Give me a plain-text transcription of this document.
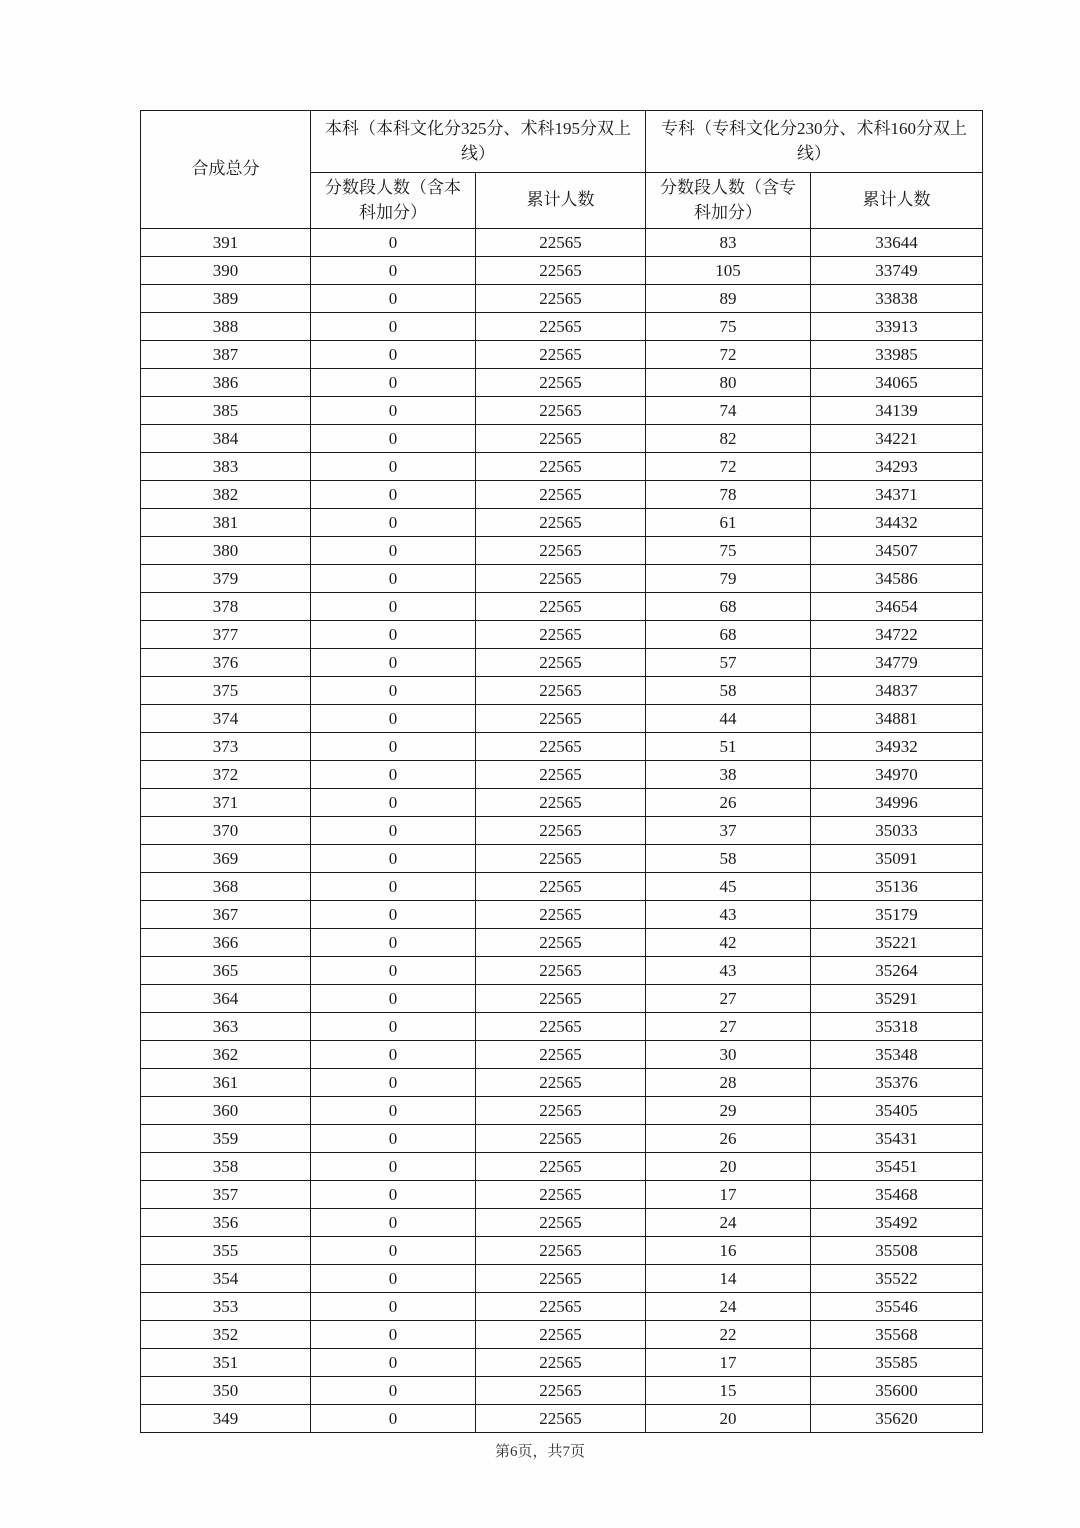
合成总分	本科（本科文化分325分、术科195分双上线）		专科（专科文化分230分、术科160分双上线）	
	分数段人数（含本科加分）	累计人数	分数段人数（含专科加分）	累计人数
391	0	22565	83	33644
390	0	22565	105	33749
389	0	22565	89	33838
388	0	22565	75	33913
387	0	22565	72	33985
386	0	22565	80	34065
385	0	22565	74	34139
384	0	22565	82	34221
383	0	22565	72	34293
382	0	22565	78	34371
381	0	22565	61	34432
380	0	22565	75	34507
379	0	22565	79	34586
378	0	22565	68	34654
377	0	22565	68	34722
376	0	22565	57	34779
375	0	22565	58	34837
374	0	22565	44	34881
373	0	22565	51	34932
372	0	22565	38	34970
371	0	22565	26	34996
370	0	22565	37	35033
369	0	22565	58	35091
368	0	22565	45	35136
367	0	22565	43	35179
366	0	22565	42	35221
365	0	22565	43	35264
364	0	22565	27	35291
363	0	22565	27	35318
362	0	22565	30	35348
361	0	22565	28	35376
360	0	22565	29	35405
359	0	22565	26	35431
358	0	22565	20	35451
357	0	22565	17	35468
356	0	22565	24	35492
355	0	22565	16	35508
354	0	22565	14	35522
353	0	22565	24	35546
352	0	22565	22	35568
351	0	22565	17	35585
350	0	22565	15	35600
349	0	22565	20	35620
第6页，共7页
